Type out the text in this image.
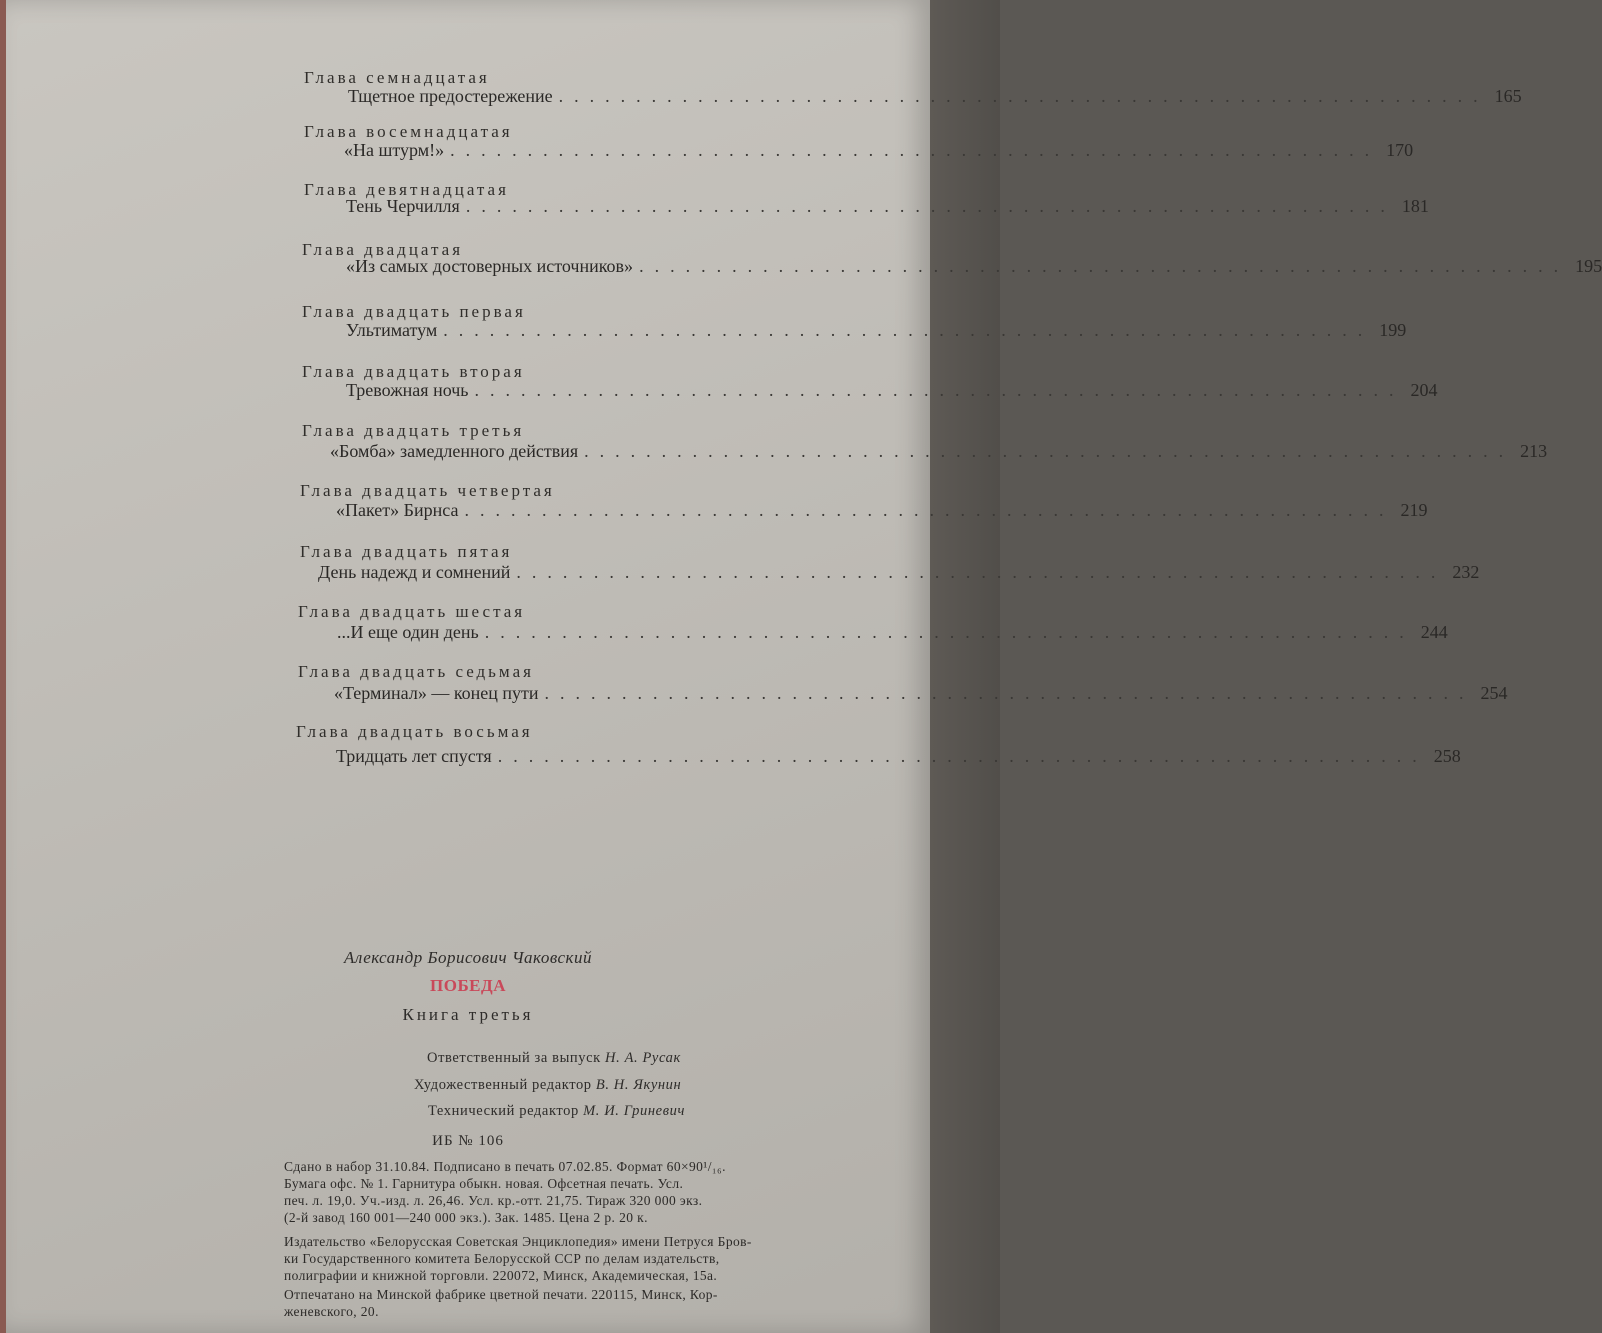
Глава семнадцатая
Тщетное предостережение ............................................................ 165
Глава восемнадцатая
«На штурм!» ............................................................ 170
Глава девятнадцатая
Тень Черчилля ............................................................ 181
Глава двадцатая
«Из самых достоверных источников» ............................................................ 195
Глава двадцать первая
Ультиматум ............................................................ 199
Глава двадцать вторая
Тревожная ночь ............................................................ 204
Глава двадцать третья
«Бомба» замедленного действия ............................................................ 213
Глава двадцать четвертая
«Пакет» Бирнса ............................................................ 219
Глава двадцать пятая
День надежд и сомнений ............................................................ 232
Глава двадцать шестая
...И еще один день ............................................................ 244
Глава двадцать седьмая
«Терминал» — конец пути ............................................................ 254
Глава двадцать восьмая
Тридцать лет спустя ............................................................ 258
Александр Борисович Чаковский
ПОБЕДА
Книга третья
Ответственный за выпуск Н. А. Русак
Художественный редактор В. Н. Якунин
Технический редактор М. И. Гриневич
ИБ № 106
Сдано в набор 31.10.84. Подписано в печать 07.02.85. Формат 60×90¹/₁₆.
Бумага офс. № 1. Гарнитура обыкн. новая. Офсетная печать. Усл.
печ. л. 19,0. Уч.-изд. л. 26,46. Усл. кр.-отт. 21,75. Тираж 320 000 экз.
(2-й завод 160 001—240 000 экз.). Зак. 1485. Цена 2 р. 20 к.
Издательство «Белорусская Советская Энциклопедия» имени Петруся Бров-
ки Государственного комитета Белорусской ССР по делам издательств,
полиграфии и книжной торговли. 220072, Минск, Академическая, 15а.
Отпечатано на Минской фабрике цветной печати. 220115, Минск, Кор-
женевского, 20.
